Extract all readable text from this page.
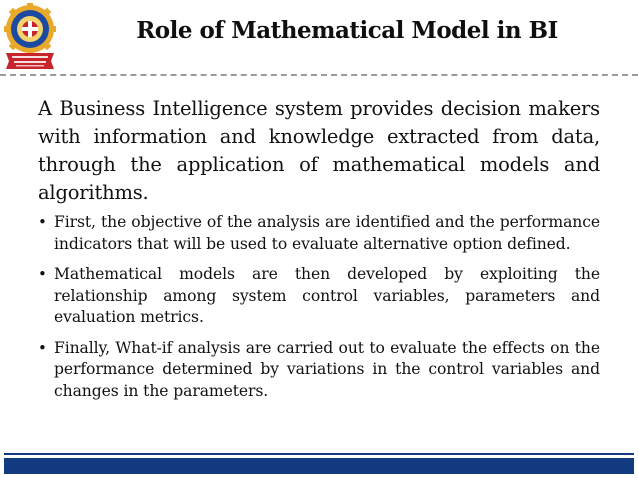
Role of Mathematical Model in BI

A Business Intelligence system provides decision makers with information and knowledge extracted from data, through the application of mathematical models and algorithms.

• First, the objective of the analysis are identified and the performance indicators that will be used to evaluate alternative option defined.
• Mathematical models are then developed by exploiting the relationship among system control variables, parameters and evaluation metrics.
• Finally, What-if analysis are carried out to evaluate the effects on the performance determined by variations in the control variables and changes in the parameters.
